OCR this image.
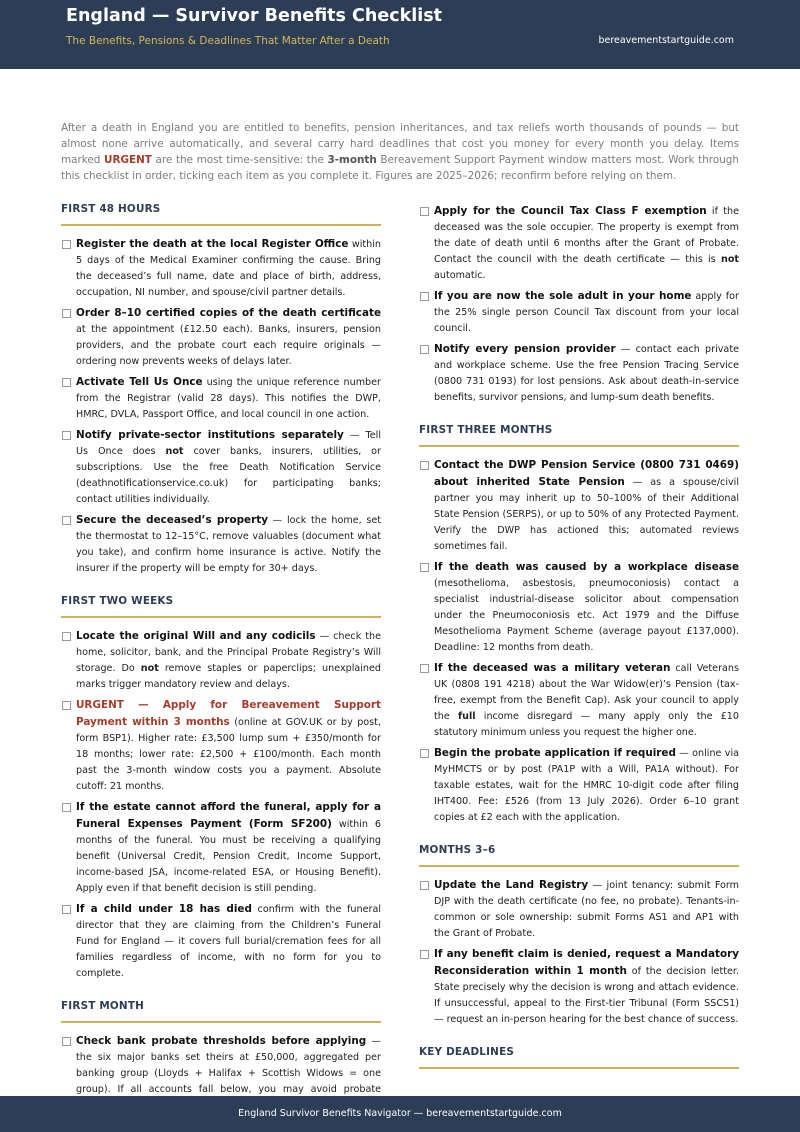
England — Survivor Benefits Checklist
The Benefits, Pensions & Deadlines That Matter After a Death	bereavementstartguide.com
After a death in England you are entitled to benefits, pension inheritances, and tax reliefs worth thousands of pounds — but almost none arrive automatically, and several carry hard deadlines that cost you money for every month you delay. Items marked URGENT are the most time-sensitive: the 3-month Bereavement Support Payment window matters most. Work through this checklist in order, ticking each item as you complete it. Figures are 2025–2026; reconfirm before relying on them.
FIRST 48 HOURS
Register the death at the local Register Office within 5 days of the Medical Examiner confirming the cause. Bring the deceased’s full name, date and place of birth, address, occupation, NI number, and spouse/civil partner details.
Order 8–10 certified copies of the death certificate at the appointment (£12.50 each). Banks, insurers, pension providers, and the probate court each require originals — ordering now prevents weeks of delays later.
Activate Tell Us Once using the unique reference number from the Registrar (valid 28 days). This notifies the DWP, HMRC, DVLA, Passport Office, and local council in one action.
Notify private-sector institutions separately — Tell Us Once does not cover banks, insurers, utilities, or subscriptions. Use the free Death Notification Service (deathnotificationservice.co.uk) for participating banks; contact utilities individually.
Secure the deceased’s property — lock the home, set the thermostat to 12–15°C, remove valuables (document what you take), and confirm home insurance is active. Notify the insurer if the property will be empty for 30+ days.
FIRST TWO WEEKS
Locate the original Will and any codicils — check the home, solicitor, bank, and the Principal Probate Registry’s Will storage. Do not remove staples or paperclips; unexplained marks trigger mandatory review and delays.
URGENT — Apply for Bereavement Support Payment within 3 months (online at GOV.UK or by post, form BSP1). Higher rate: £3,500 lump sum + £350/month for 18 months; lower rate: £2,500 + £100/month. Each month past the 3-month window costs you a payment. Absolute cutoff: 21 months.
If the estate cannot afford the funeral, apply for a Funeral Expenses Payment (Form SF200) within 6 months of the funeral. You must be receiving a qualifying benefit (Universal Credit, Pension Credit, Income Support, income-based JSA, income-related ESA, or Housing Benefit). Apply even if that benefit decision is still pending.
If a child under 18 has died confirm with the funeral director that they are claiming from the Children’s Funeral Fund for England — it covers full burial/cremation fees for all families regardless of income, with no form for you to complete.
FIRST MONTH
Check bank probate thresholds before applying — the six major banks set theirs at £50,000, aggregated per banking group (Lloyds + Halifax + Scottish Widows = one group). If all accounts fall below, you may avoid probate
Apply for the Council Tax Class F exemption if the deceased was the sole occupier. The property is exempt from the date of death until 6 months after the Grant of Probate. Contact the council with the death certificate — this is not automatic.
If you are now the sole adult in your home apply for the 25% single person Council Tax discount from your local council.
Notify every pension provider — contact each private and workplace scheme. Use the free Pension Tracing Service (0800 731 0193) for lost pensions. Ask about death-in-service benefits, survivor pensions, and lump-sum death benefits.
FIRST THREE MONTHS
Contact the DWP Pension Service (0800 731 0469) about inherited State Pension — as a spouse/civil partner you may inherit up to 50–100% of their Additional State Pension (SERPS), or up to 50% of any Protected Payment. Verify the DWP has actioned this; automated reviews sometimes fail.
If the death was caused by a workplace disease (mesothelioma, asbestosis, pneumoconiosis) contact a specialist industrial-disease solicitor about compensation under the Pneumoconiosis etc. Act 1979 and the Diffuse Mesothelioma Payment Scheme (average payout £137,000). Deadline: 12 months from death.
If the deceased was a military veteran call Veterans UK (0808 191 4218) about the War Widow(er)’s Pension (tax-free, exempt from the Benefit Cap). Ask your council to apply the full income disregard — many apply only the £10 statutory minimum unless you request the higher one.
Begin the probate application if required — online via MyHMCTS or by post (PA1P with a Will, PA1A without). For taxable estates, wait for the HMRC 10-digit code after filing IHT400. Fee: £526 (from 13 July 2026). Order 6–10 grant copies at £2 each with the application.
MONTHS 3–6
Update the Land Registry — joint tenancy: submit Form DJP with the death certificate (no fee, no probate). Tenants-in-common or sole ownership: submit Forms AS1 and AP1 with the Grant of Probate.
If any benefit claim is denied, request a Mandatory Reconsideration within 1 month of the decision letter. State precisely why the decision is wrong and attach evidence. If unsuccessful, appeal to the First-tier Tribunal (Form SSCS1) — request an in-person hearing for the best chance of success.
KEY DEADLINES
England Survivor Benefits Navigator — bereavementstartguide.com
